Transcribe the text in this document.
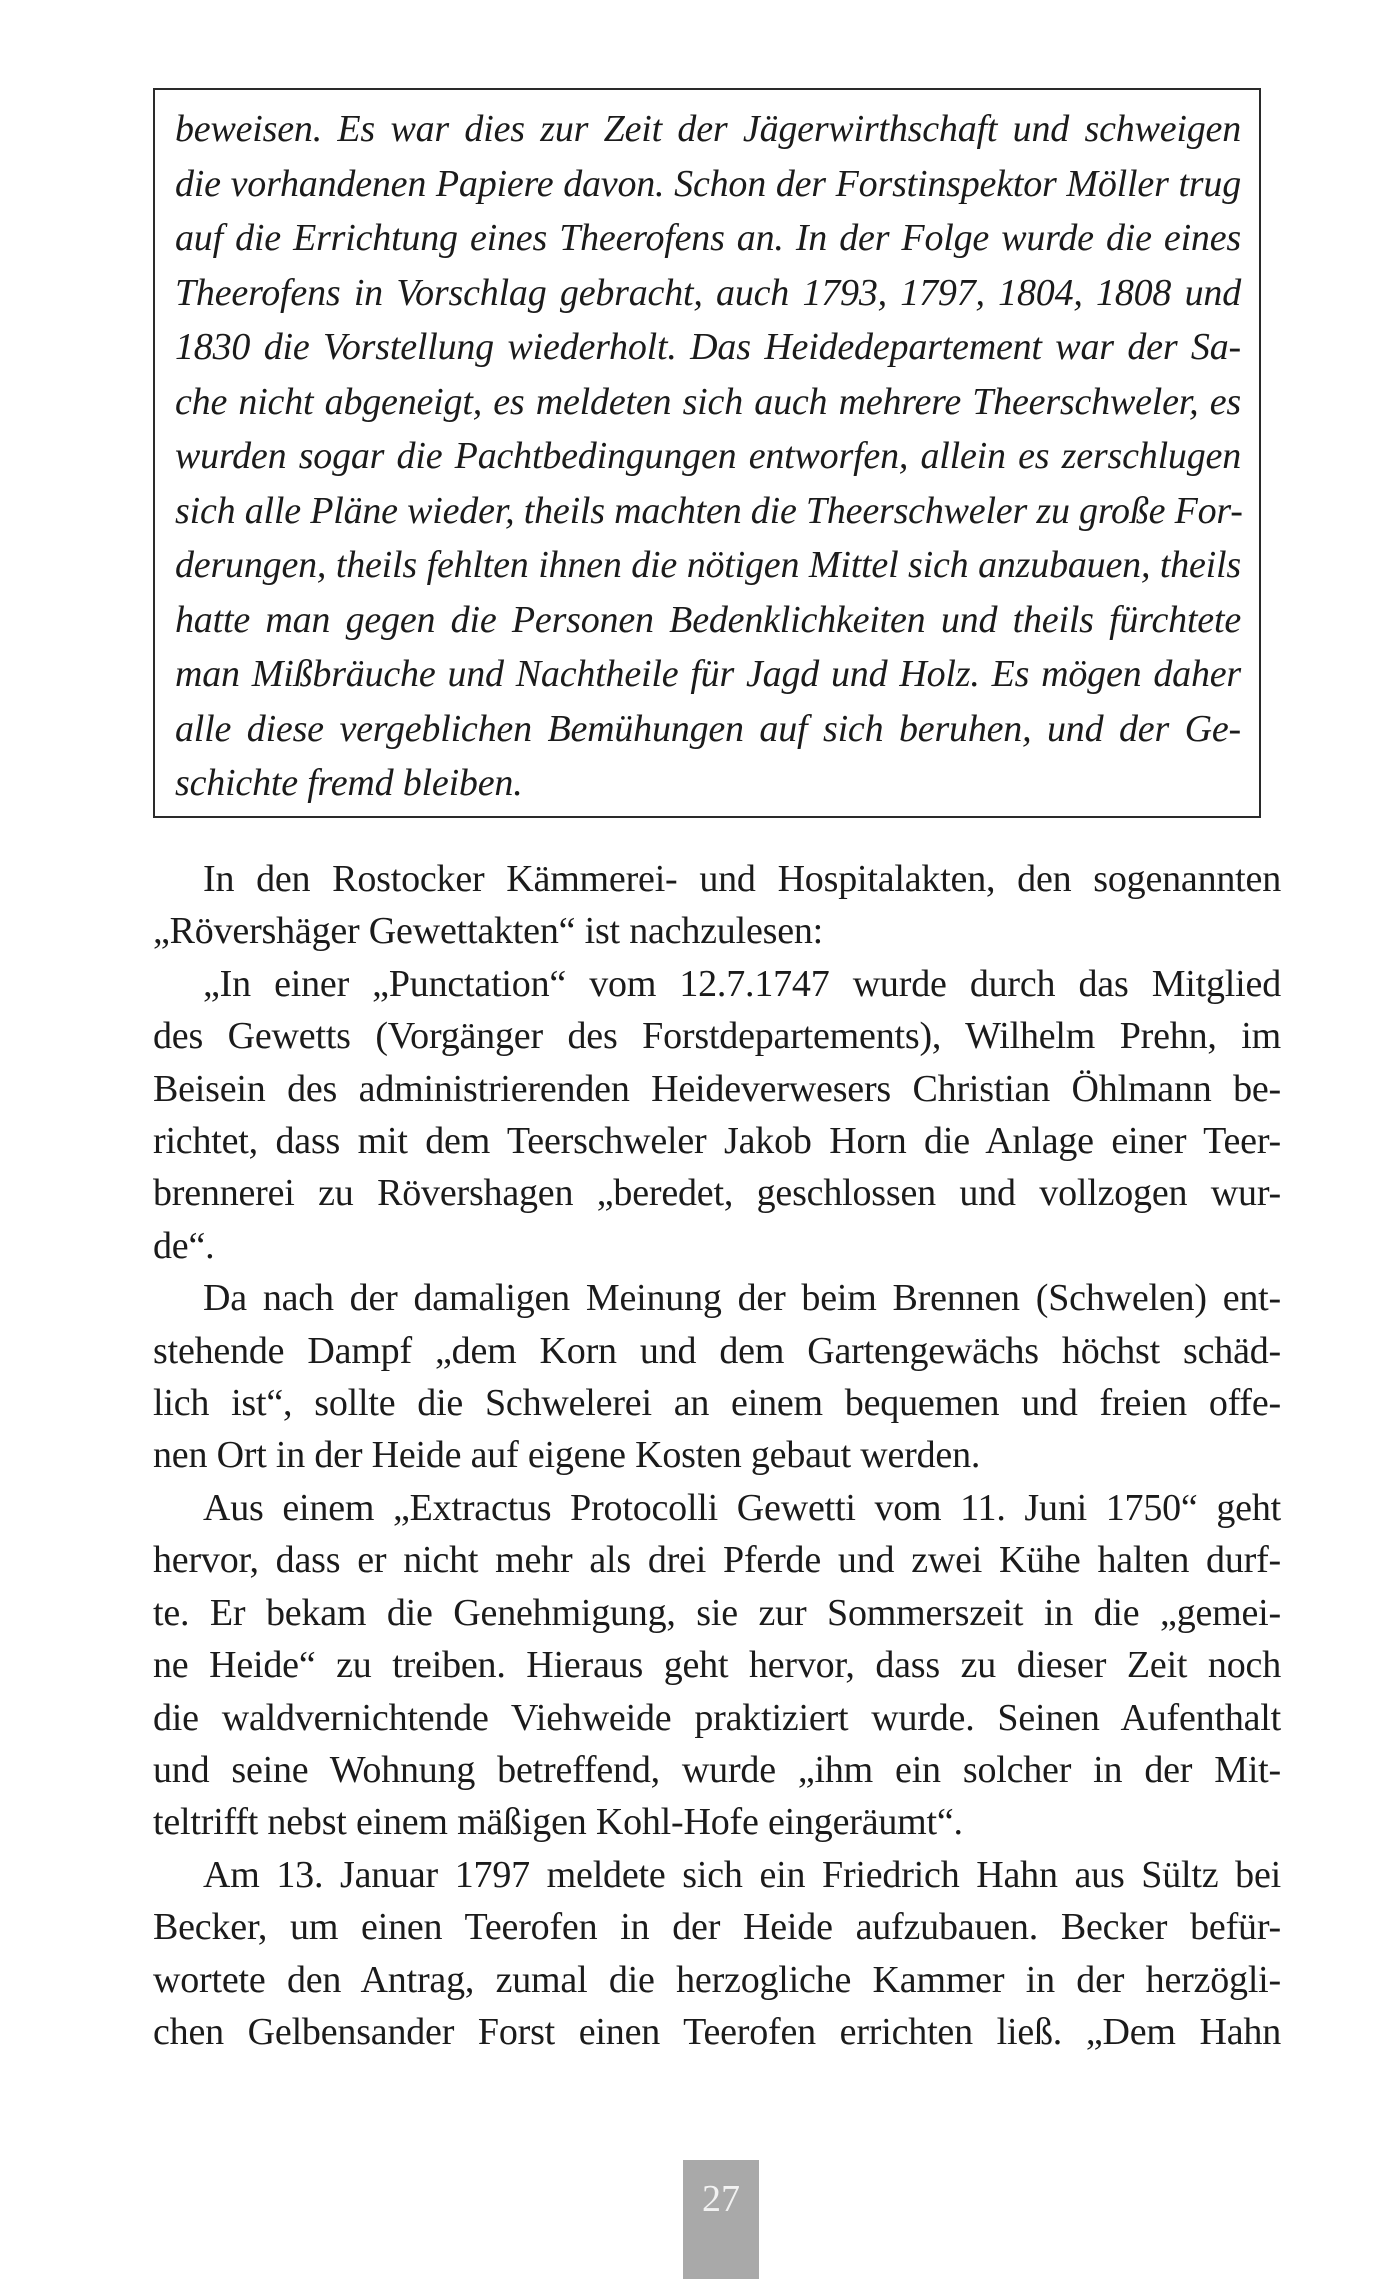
beweisen. Es war dies zur Zeit der Jägerwirthschaft und schweigen
die vorhandenen Papiere davon. Schon der Forstinspektor Möller trug
auf die Errichtung eines Theerofens an. In der Folge wurde die eines
Theerofens in Vorschlag gebracht, auch 1793, 1797, 1804, 1808 und
1830 die Vorstellung wiederholt. Das Heidedepartement war der Sa-
che nicht abgeneigt, es meldeten sich auch mehrere Theerschweler, es
wurden sogar die Pachtbedingungen entworfen, allein es zerschlugen
sich alle Pläne wieder, theils machten die Theerschweler zu große For-
derungen, theils fehlten ihnen die nötigen Mittel sich anzubauen, theils
hatte man gegen die Personen Bedenklichkeiten und theils fürchtete
man Mißbräuche und Nachtheile für Jagd und Holz. Es mögen daher
alle diese vergeblichen Bemühungen auf sich beruhen, und der Ge-
schichte fremd bleiben.
In den Rostocker Kämmerei- und Hospitalakten, den sogenannten
„Rövershäger Gewettakten“ ist nachzulesen:
„In einer „Punctation“ vom 12.7.1747 wurde durch das Mitglied
des Gewetts (Vorgänger des Forstdepartements), Wilhelm Prehn, im
Beisein des administrierenden Heideverwesers Christian Öhlmann be-
richtet, dass mit dem Teerschweler Jakob Horn die Anlage einer Teer-
brennerei zu Rövershagen „beredet, geschlossen und vollzogen wur-
de“.
Da nach der damaligen Meinung der beim Brennen (Schwelen) ent-
stehende Dampf „dem Korn und dem Gartengewächs höchst schäd-
lich ist“, sollte die Schwelerei an einem bequemen und freien offe-
nen Ort in der Heide auf eigene Kosten gebaut werden.
Aus einem „Extractus Protocolli Gewetti vom 11. Juni 1750“ geht
hervor, dass er nicht mehr als drei Pferde und zwei Kühe halten durf-
te. Er bekam die Genehmigung, sie zur Sommerszeit in die „gemei-
ne Heide“ zu treiben. Hieraus geht hervor, dass zu dieser Zeit noch
die waldvernichtende Viehweide praktiziert wurde. Seinen Aufenthalt
und seine Wohnung betreffend, wurde „ihm ein solcher in der Mit-
teltrifft nebst einem mäßigen Kohl-Hofe eingeräumt“.
Am 13. Januar 1797 meldete sich ein Friedrich Hahn aus Sültz bei
Becker, um einen Teerofen in der Heide aufzubauen. Becker befür-
wortete den Antrag, zumal die herzogliche Kammer in der herzögli-
chen Gelbensander Forst einen Teerofen errichten ließ. „Dem Hahn
27
